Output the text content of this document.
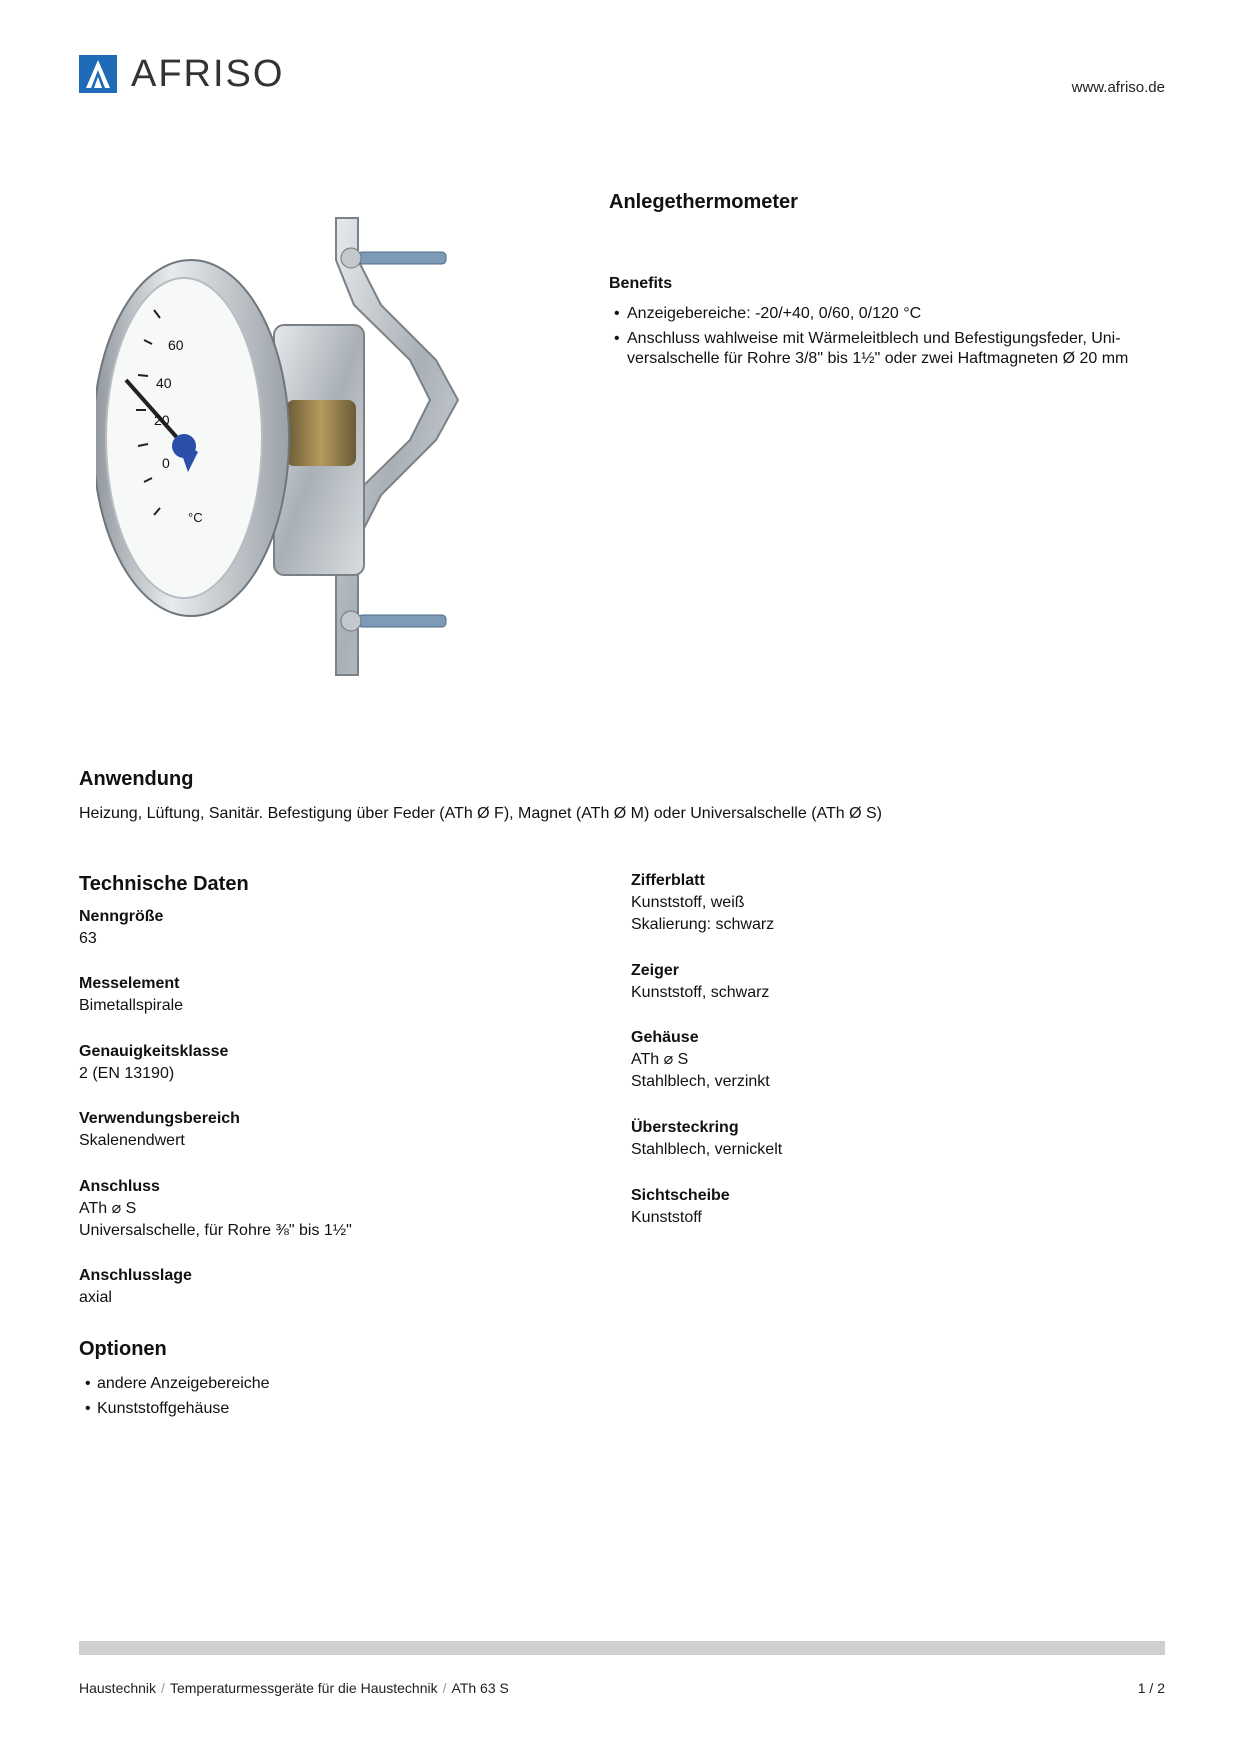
AFRISO	www.afriso.de
60
40
20
0
°C
Anlegethermometer
Benefits
• Anzeigebereiche: -20/+40, 0/60, 0/120 °C
• Anschluss wahlweise mit Wärmeleitblech und Befestigungsfeder, Uni-versalschelle für Rohre 3/8" bis 1½" oder zwei Haftmagneten Ø 20 mm
Anwendung
Heizung, Lüftung, Sanitär. Befestigung über Feder (ATh Ø F), Magnet (ATh Ø M) oder Universalschelle (ATh Ø S)
Technische Daten
Nenngröße
63
Messelement
Bimetallspirale
Genauigkeitsklasse
2 (EN 13190)
Verwendungsbereich
Skalenendwert
Anschluss
ATh ⌀ S
Universalschelle, für Rohre ⅜" bis 1½"
Anschlusslage
axial
Zifferblatt
Kunststoff, weiß
Skalierung: schwarz
Zeiger
Kunststoff, schwarz
Gehäuse
ATh ⌀ S
Stahlblech, verzinkt
Übersteckring
Stahlblech, vernickelt
Sichtscheibe
Kunststoff
Optionen
• andere Anzeigebereiche
• Kunststoffgehäuse
Haustechnik / Temperaturmessgeräte für die Haustechnik / ATh 63 S	1 / 2
